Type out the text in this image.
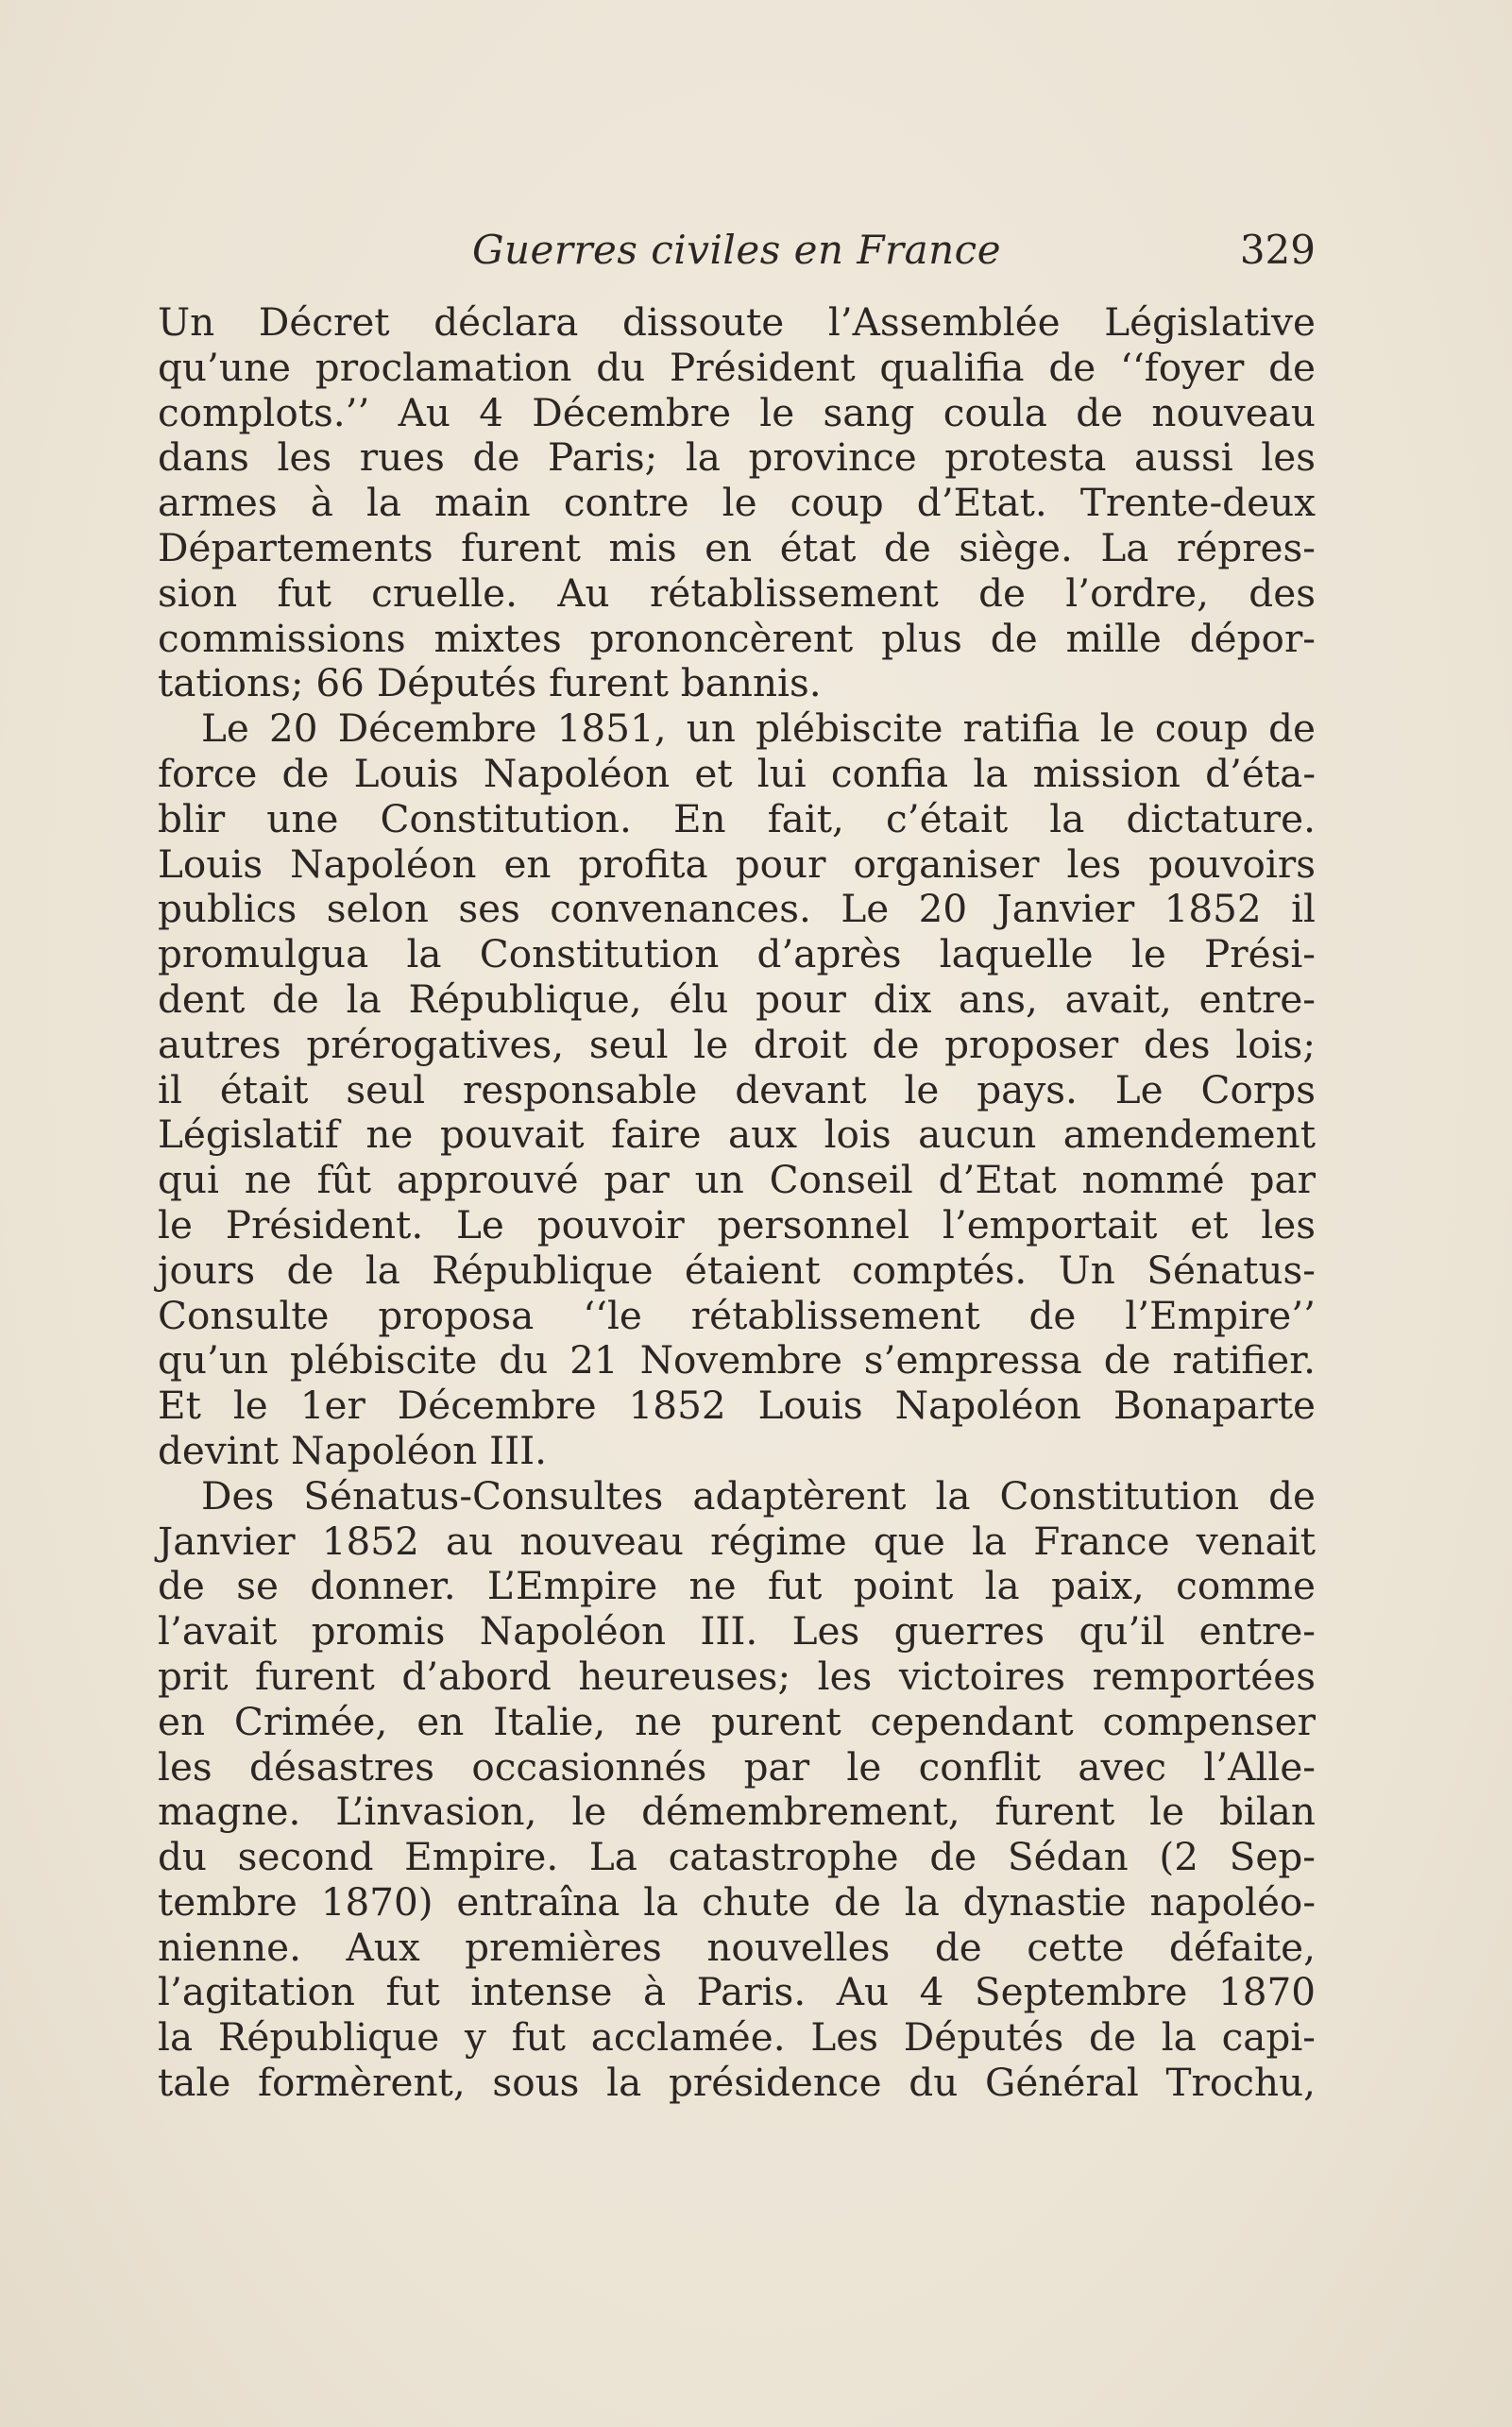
Guerres civiles en France	329
Un Décret déclara dissoute l’Assemblée Législative
qu’une proclamation du Président qualifia de ‘‘foyer de
complots.’’ Au 4 Décembre le sang coula de nouveau
dans les rues de Paris; la province protesta aussi les
armes à la main contre le coup d’Etat. Trente-deux
Départements furent mis en état de siège. La répres-
sion fut cruelle. Au rétablissement de l’ordre, des
commissions mixtes prononcèrent plus de mille dépor-
tations; 66 Députés furent bannis.
Le 20 Décembre 1851, un plébiscite ratifia le coup de
force de Louis Napoléon et lui confia la mission d’éta-
blir une Constitution. En fait, c’était la dictature.
Louis Napoléon en profita pour organiser les pouvoirs
publics selon ses convenances. Le 20 Janvier 1852 il
promulgua la Constitution d’après laquelle le Prési-
dent de la République, élu pour dix ans, avait, entre-
autres prérogatives, seul le droit de proposer des lois;
il était seul responsable devant le pays. Le Corps
Législatif ne pouvait faire aux lois aucun amendement
qui ne fût approuvé par un Conseil d’Etat nommé par
le Président. Le pouvoir personnel l’emportait et les
jours de la République étaient comptés. Un Sénatus-
Consulte proposa ‘‘le rétablissement de l’Empire’’
qu’un plébiscite du 21 Novembre s’empressa de ratifier.
Et le 1er Décembre 1852 Louis Napoléon Bonaparte
devint Napoléon III.
Des Sénatus-Consultes adaptèrent la Constitution de
Janvier 1852 au nouveau régime que la France venait
de se donner. L’Empire ne fut point la paix, comme
l’avait promis Napoléon III. Les guerres qu’il entre-
prit furent d’abord heureuses; les victoires remportées
en Crimée, en Italie, ne purent cependant compenser
les désastres occasionnés par le conflit avec l’Alle-
magne. L’invasion, le démembrement, furent le bilan
du second Empire. La catastrophe de Sédan (2 Sep-
tembre 1870) entraîna la chute de la dynastie napoléo-
nienne. Aux premières nouvelles de cette défaite,
l’agitation fut intense à Paris. Au 4 Septembre 1870
la République y fut acclamée. Les Députés de la capi-
tale formèrent, sous la présidence du Général Trochu,
